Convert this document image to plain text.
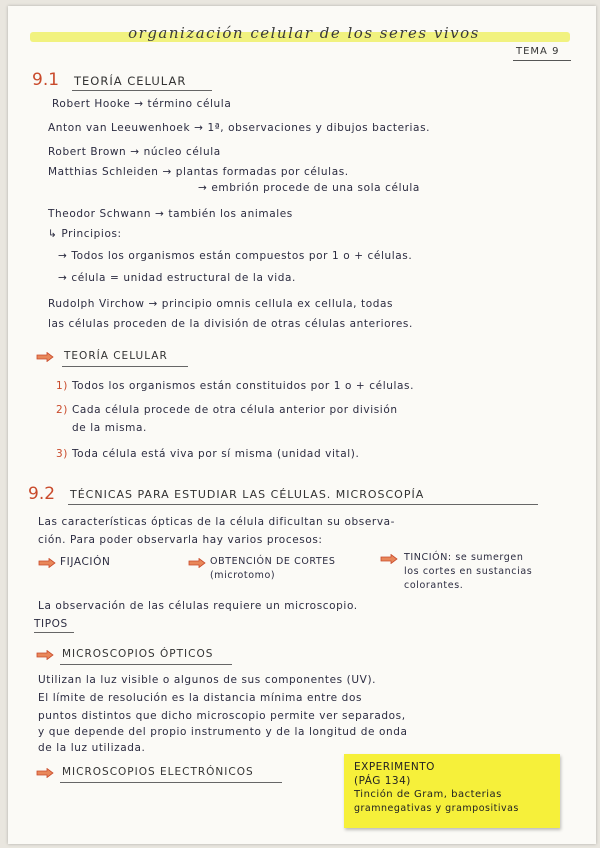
organización celular de los seres vivos
TEMA 9
9.1 TEORÍA CELULAR
Robert Hooke → término célula
Anton van Leeuwenhoek → 1ª, observaciones y dibujos bacterias.
Robert Brown → núcleo célula
Matthias Schleiden → plantas formadas por células.
→ embrión procede de una sola célula
Theodor Schwann → también los animales
↳ Principios:
→ Todos los organismos están compuestos por 1 o + células.
→ célula = unidad estructural de la vida.
Rudolph Virchow → principio omnis cellula ex cellula, todas
las células proceden de la división de otras células anteriores.
TEORÍA CELULAR
1) Todos los organismos están constituidos por 1 o + células.
2) Cada célula procede de otra célula anterior por división
de la misma.
3) Toda célula está viva por sí misma (unidad vital).
9.2 TÉCNICAS PARA ESTUDIAR LAS CÉLULAS. MICROSCOPÍA
Las características ópticas de la célula dificultan su observa-
ción. Para poder observarla hay varios procesos:
FIJACIÓN	OBTENCIÓN DE CORTES
(microtomo)
TINCIÓN: se sumergen
los cortes en sustancias
colorantes.
La observación de las células requiere un microscopio.
TIPOS
MICROSCOPIOS ÓPTICOS
Utilizan la luz visible o algunos de sus componentes (UV).
El límite de resolución es la distancia mínima entre dos
puntos distintos que dicho microscopio permite ver separados,
y que depende del propio instrumento y de la longitud de onda
de la luz utilizada.
MICROSCOPIOS ELECTRÓNICOS	EXPERIMENTO
(PÁG 134)
Tinción de Gram, bacterias
gramnegativas y grampositivas
